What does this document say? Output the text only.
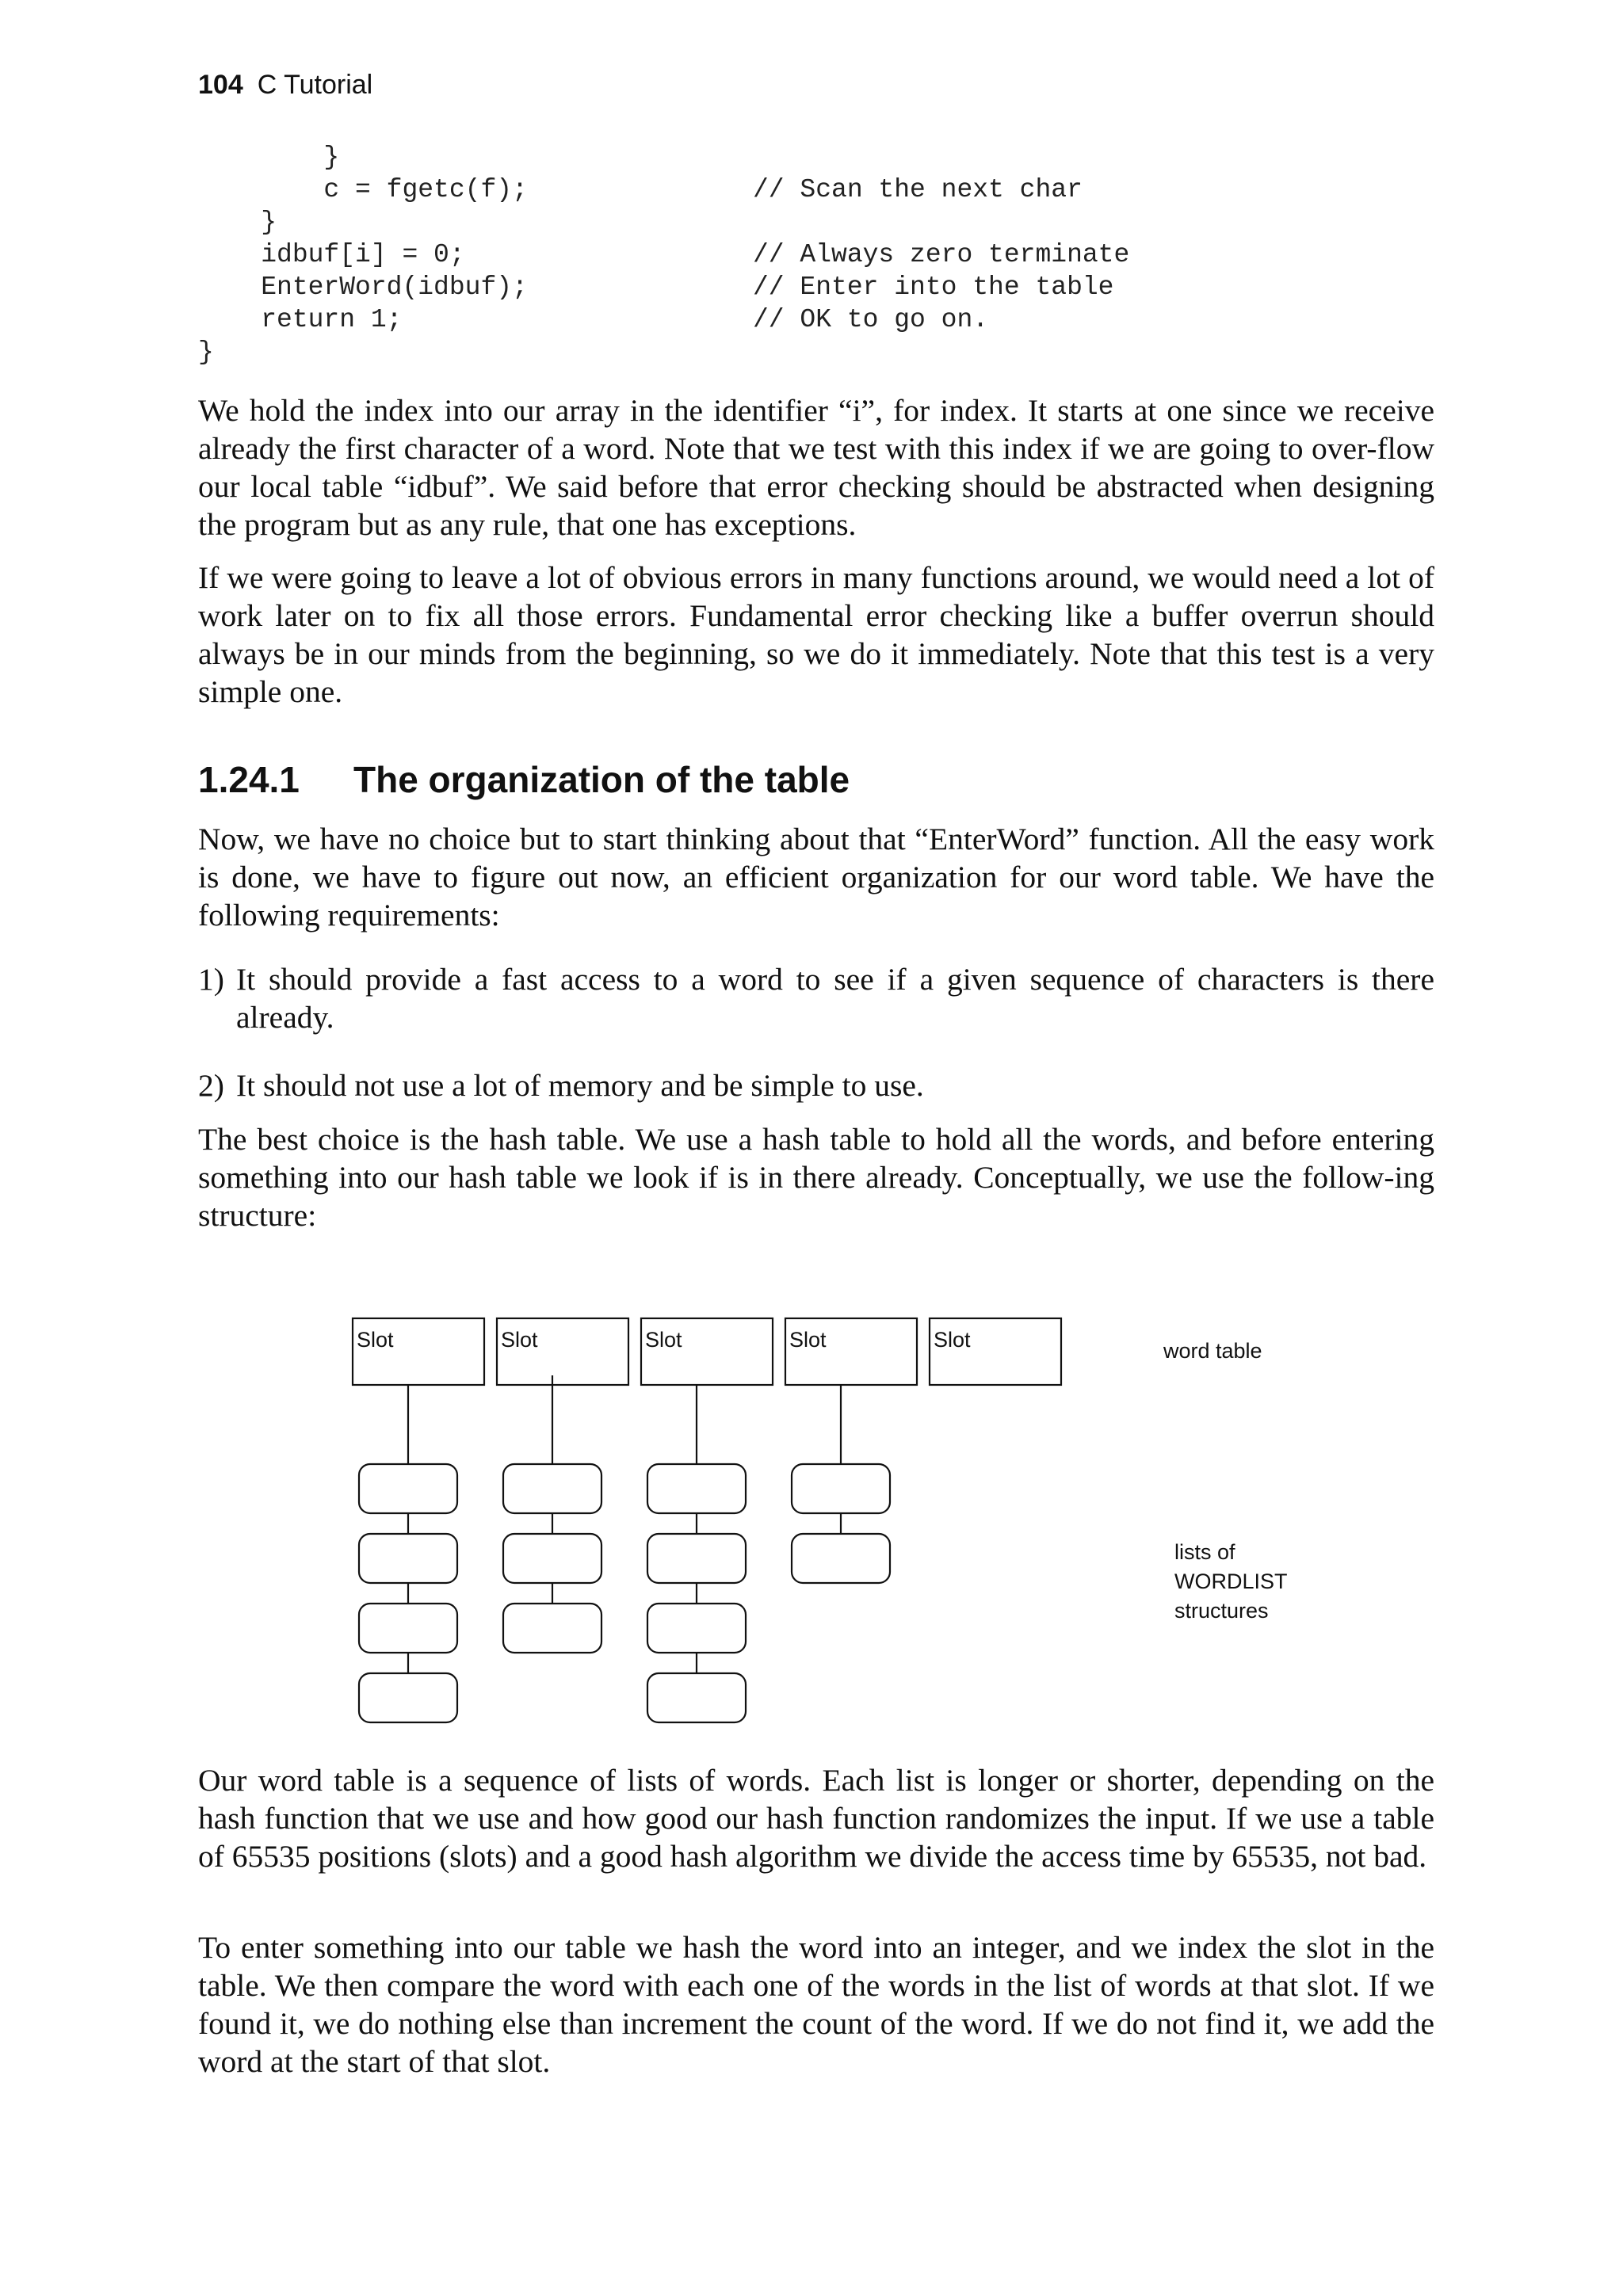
104 C Tutorial
}
c = fgetc(f);	// Scan the next char
}
idbuf[i] = 0;	// Always zero terminate
EnterWord(idbuf);	// Enter into the table
return 1;	// OK to go on.
}

We hold the index into our array in the identifier “i”, for index. It starts at one since we receive already the first character of a word. Note that we test with this index if we are going to over-flow our local table “idbuf”. We said before that error checking should be abstracted when designing the program but as any rule, that one has exceptions.

If we were going to leave a lot of obvious errors in many functions around, we would need a lot of work later on to fix all those errors. Fundamental error checking like a buffer overrun should always be in our minds from the beginning, so we do it immediately. Note that this test is a very simple one.

1.24.1 The organization of the table

Now, we have no choice but to start thinking about that “EnterWord” function. All the easy work is done, we have to figure out now, an efficient organization for our word table. We have the following requirements:

1) It should provide a fast access to a word to see if a given sequence of characters is there already.
2) It should not use a lot of memory and be simple to use.

The best choice is the hash table. We use a hash table to hold all the words, and before entering something into our hash table we look if is in there already. Conceptually, we use the follow-ing structure:

Slot	Slot	Slot	Slot	Slot	word table
lists of
WORDLIST
structures

Our word table is a sequence of lists of words. Each list is longer or shorter, depending on the hash function that we use and how good our hash function randomizes the input. If we use a table of 65535 positions (slots) and a good hash algorithm we divide the access time by 65535, not bad.

To enter something into our table we hash the word into an integer, and we index the slot in the table. We then compare the word with each one of the words in the list of words at that slot. If we found it, we do nothing else than increment the count of the word. If we do not find it, we add the word at the start of that slot.
